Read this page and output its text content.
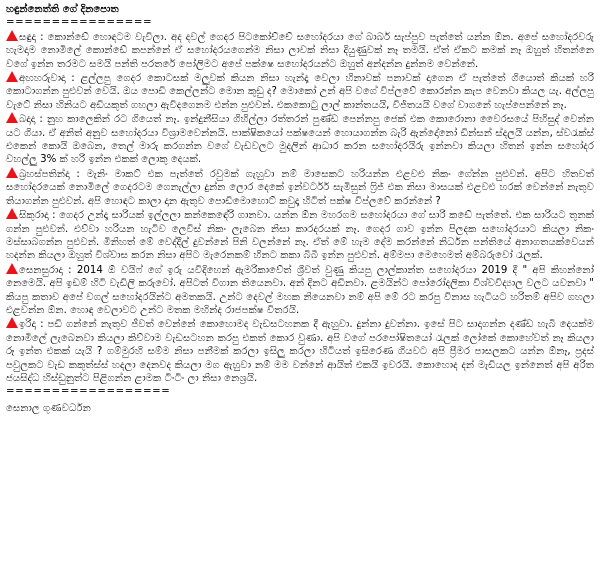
හඳුන්නෙත්ති ගේ දිනපොත
================

සඳුදා : කොන්ඩේ හොඳටම වැවිලා. අද දවල් ගෙදර පිටකෝච්චේ සහෝදරයා ගේ බාබර් සැප්පුව පැත්තේ යන්න ඕන. අපේ සහෝදරවරු හැමදාම නොමිලේ කොන්ඩේ කපන්නේ ඒ සහෝදරයගෙන්ම නිසා ලාවක් නිසා දියුණුවක් නෑ තමයි. ඒත් ඒකට කමක් නෑ ඔහුත් හිතන්නෙ වගේ ඉන්න තරමට සමයි පන්ති පරතරේ පෝලිමට අපේ පක්ෂෙ සහෝදරයන්ට ඔහුත් අන්දන්න දුන්නම වෙන්නේ.

අඟහරුවාදා : ළල්ලපු ගෙදර කොටසක් මලුවක් කියන නිසා හැන්දෑ වෙලා හිනාවක් පනාවක් දාගෙන ඒ පැත්තේ ගියොත් කියක් හරි කොටාගන්න පුළුවන් වෙයි. ඔය පොඩි කෙල්ලන්ට මොන කුඩු ද? මොකෝ උන් අපි වගේ විප්ලවේ කොරන්න කැප වෙනවා කියල යැ. අල්ලපු වැටේ නිසා හිනියට අඩියකුත් ගහලා ඇවිදගෙනම එන්න පුළුවන්. එකකොටු ලාල් කාන්තයයි, විජිතයයි වගේ වාගනේ හැප්පෙන්නේ නෑ.

බදාදා : නුහ කාලෙකින් රට ගියෙත් නෑ. ඉන්දුනීසියා ගිහිල්ලා රත්තරන් පුණ්ඩ පෙන්නපු ජෙක් එක කොරොනා වෛරසයේ පිහිසුද් වෙන්න යට ගියා. ඒ අනිත් අනුව සහෝදරයා විශ්‍රාමවෙන්නයි. පාක්ෂිකයෝ පක්ෂයෙන් හොයාගන්න බැරි ඇන්දෝනෝ ඩින්සන් ස්දලයි යන්න, ස්වරැක්ස් එකෙන් කොයි ඔබෙන, තෙල් මාරු කරගන්න වගේ වැඩවලට මුදලින් ආධාර කරන සහෝදරයිරු ඉන්නවා කියලා හිතන් ඉන්න සහෝදර වහල්ලු 3% ක් හරි ඉන්න එකක් ලොකු දෙයක්.

බ්‍රහස්පතින්දා : මැනිං මාකට් එක පැත්තේ රවුමක් ගැහුවා නම් මාසෙකට හරියන්න එළවළු නිකං ගේන්න පුළුවන්. අපිට හිතවත් සහෝදරයෙක් නොමිලේ ගෙදරටම ගෙනැල්ලා දුන්න ලොර දෙකේ ඉන්වර්ටර් සැමිසුන් ෆ්‍රිජ් එක නිසා මාසයක් එළවළු හරක් වෙන්නේ නැතුව තියාගන්න පුළුවන්. අපි හොඳට කාලා දාන ඇතුව පොඩිමොහොට් කවුදෑ හිටිත් පක්ෂ විප්ලවේ කරන්නේ ?

සිකුරාදා : ගෙදර උන්දෑ සාරියක් ඉල්ලලා කන්කෙඳේරි ගානවා. යන්න ඕන මහරගම සහෝදරයා ගේ සාරි කඩේ පැත්තේ. එක සාරියට තුනක් ගන්න පුළුවන්. එව්වා හරියන හැටිව ලෙවිස් නිකං ලැබෙන නිසා කාරදරයක් නෑ. ගෙදර ගාව ඉන්න පිලදක සහෝදරයාට කියලා නිකං මස්සාබගන්න පුළුවන්. මිනිහත් මේ වෙද්දීල් දුවන්නේ පිනි වලන්නේ නෑ. ඒත් මේ හැම දේම කරන්නේ නිර්ධන පන්තියේ අනාගතයක්වෙයන් හදන්න කියලා ඔහුත් විශ්වාස කරන නිසා අපිට මැරෙනකම් හිනට කකා බිබී ඉන්න පුළුවන්. අම්මපා මෙහෙමත් අම්බරුවෝ රැලක්.

සෙනසුරාදා : 2014 ඕ වයිෆ් ගේ ඉරු යවිදිහෙන් ඇමරිකාවේත් ශ්‍රීවත් වුණු කියපු ලාල්කාන්ත සහෝදරයා 2019 දී " අපි කිහන්නෝ නෙමෙයි. අපි ඉඩම් හිටි වැඩිලි කරුවෝ. අපිටත් විගාන තියෙනවා. අන් දිනට අඩිනවා. ළමයින්ට පෝරෝදලිකා විශ්වවිද්‍යාල වලට යවනවා " කියපු කතාව අපේ වගල් සහෝදරයින්ට අමතකයි. උන්ට දෙවල් මහක නියෙනවා නම් අපි මේ රට කරපු විනාස හැටියට හරිතම් අපිව ගහලා එළවන්න ඕන. හොඳ වෙලාවට උන්ට මතක මහින්ද රාජපක්ෂ විතරයි.

ඉරිදා : පඩි ගන්නේ නැතුව ජීවත් වෙන්නේ කොහොමද වැඩසටහනක දී ඇහුවා. දුන්නා දුවන්නා. ඉසේ පිට සාදාගන්න දණ්ඩ හැබි දෙයක්ම නොමිලේ ලැබෙනවා කියලා කිව්වාම වැඩසටහන කරපු එකත් කොර වුණා. අපි වගේ පරපෝෂිතයෝ රැලක් ලෝකේ කොහේවත් නෑ කියලා රූ ඉන්ත එකක් යැයි ? ගම්මුරහි සම්ම නිසා පනීමක් කරලා ඉසිලු කරලා හිටියත් ඉසිරෙණ ගියවට අපි ප්‍රීමර පාසලකට යන්න ඕනෑ, ප්‍රදස් පවුලකට වැඩ කකුත්ස්ස් හදලා දෙනවද කියලා මග ඇහුවා නම් මම වන්නේ ආයිත් එකයි ඉවරයි. කොහොද දන් මැඩියල ඉන්නෙත් අපි අරිත ජයසිද්ධ හිස්ඩුනුත්ට පිළිගන්න ළාමක ටිංටිං ලා නිසා නෙශ්‍රයි.

==================
සෙනාල ගුණවර්ධන
